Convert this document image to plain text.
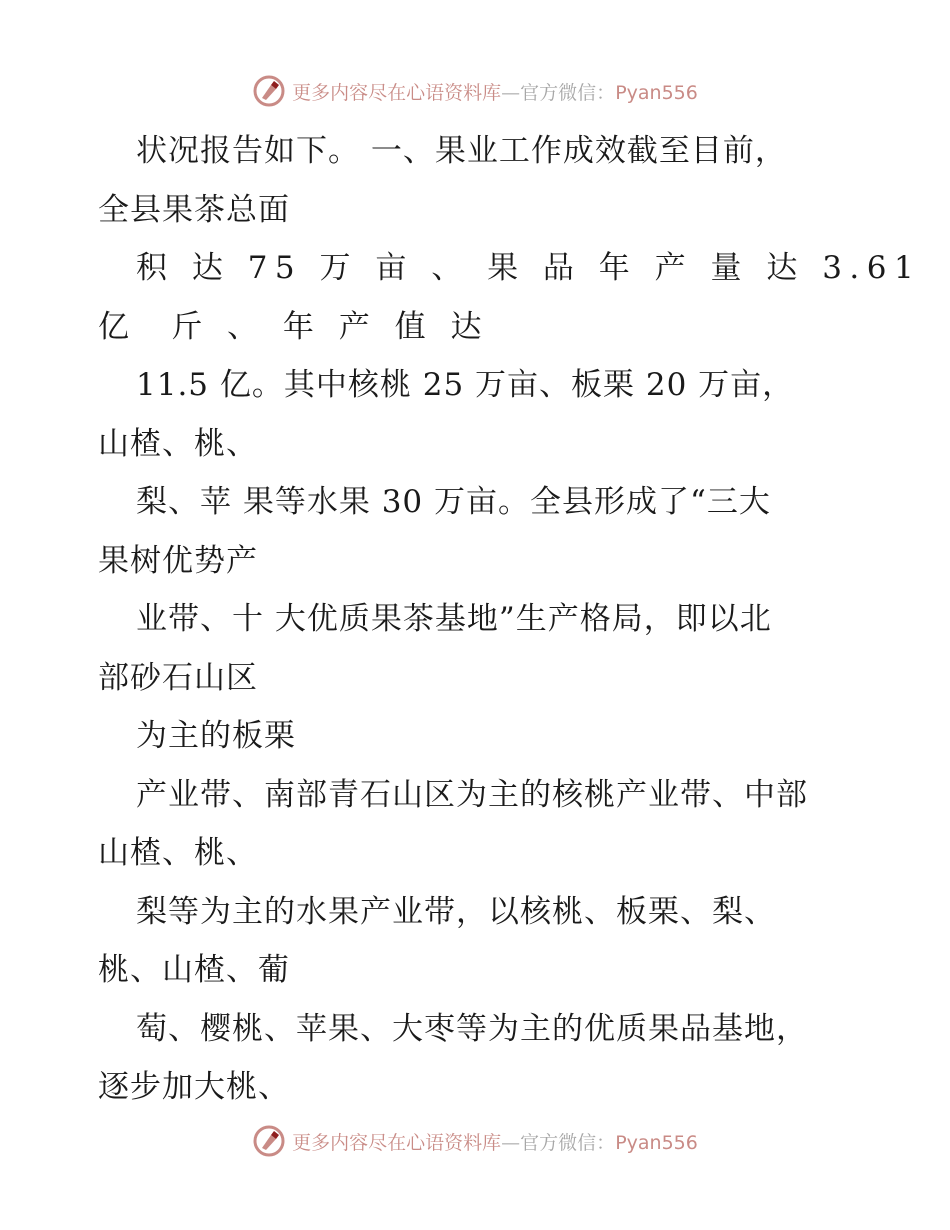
更多内容尽在心语资料库—官方微信：Pyan556
状况报告如下。 一、果业工作成效截至目前，
全县果茶总面
积 达 75 万 亩 、 果 品 年 产 量 达 3.61
亿  斤 、 年 产 值 达
11.5 亿。其中核桃 25 万亩、板栗 20 万亩，
山楂、桃、
梨、苹 果等水果 30 万亩。全县形成了“三大
果树优势产
业带、十 大优质果茶基地”生产格局，即以北
部砂石山区
为主的板栗
产业带、南部青石山区为主的核桃产业带、中部
山楂、桃、
梨等为主的水果产业带，以核桃、板栗、梨、
桃、山楂、葡
萄、樱桃、苹果、大枣等为主的优质果品基地，
逐步加大桃、
更多内容尽在心语资料库—官方微信：Pyan556
